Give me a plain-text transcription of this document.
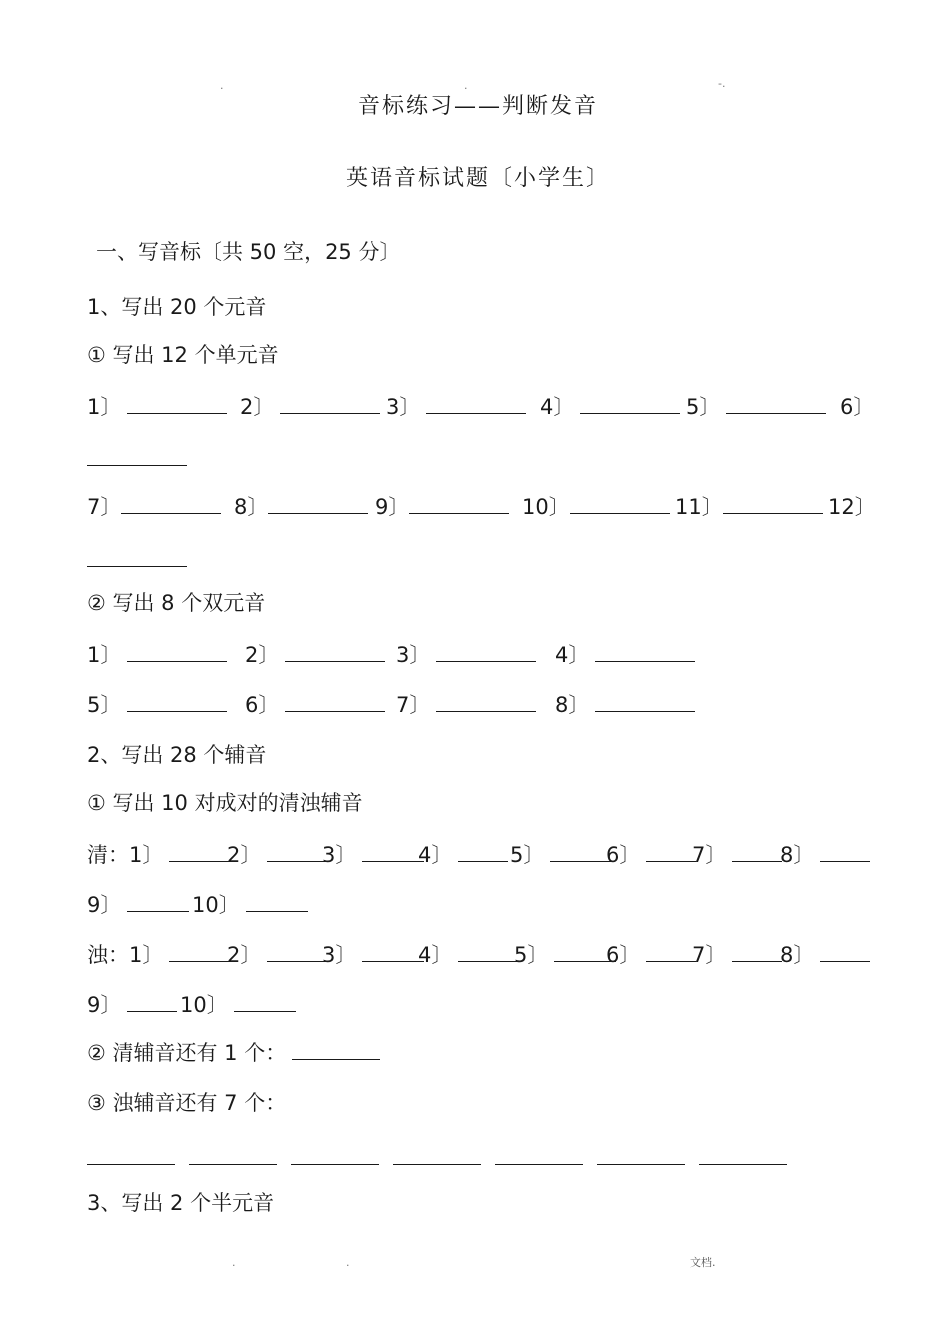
.	.	-.
音标练习——判断发音
英语音标试题〔小学生〕
一、写音标〔共 50 空，25 分〕
1、写出 20 个元音
① 写出 12 个单元音
1〕	2〕	3〕	4〕	5〕	6〕
7〕	8〕	9〕	10〕	11〕	12〕
② 写出 8 个双元音
1〕	2〕	3〕	4〕
5〕	6〕	7〕	8〕
2、写出 28 个辅音
① 写出 10 对成对的清浊辅音
清：1〕	2〕	3〕	4〕	5〕	6〕	7〕	8〕
9〕	10〕
浊：1〕	2〕	3〕	4〕	5〕	6〕	7〕	8〕
9〕	10〕
② 清辅音还有 1 个：
③ 浊辅音还有 7 个：
3、写出 2 个半元音
.	.	文档.
